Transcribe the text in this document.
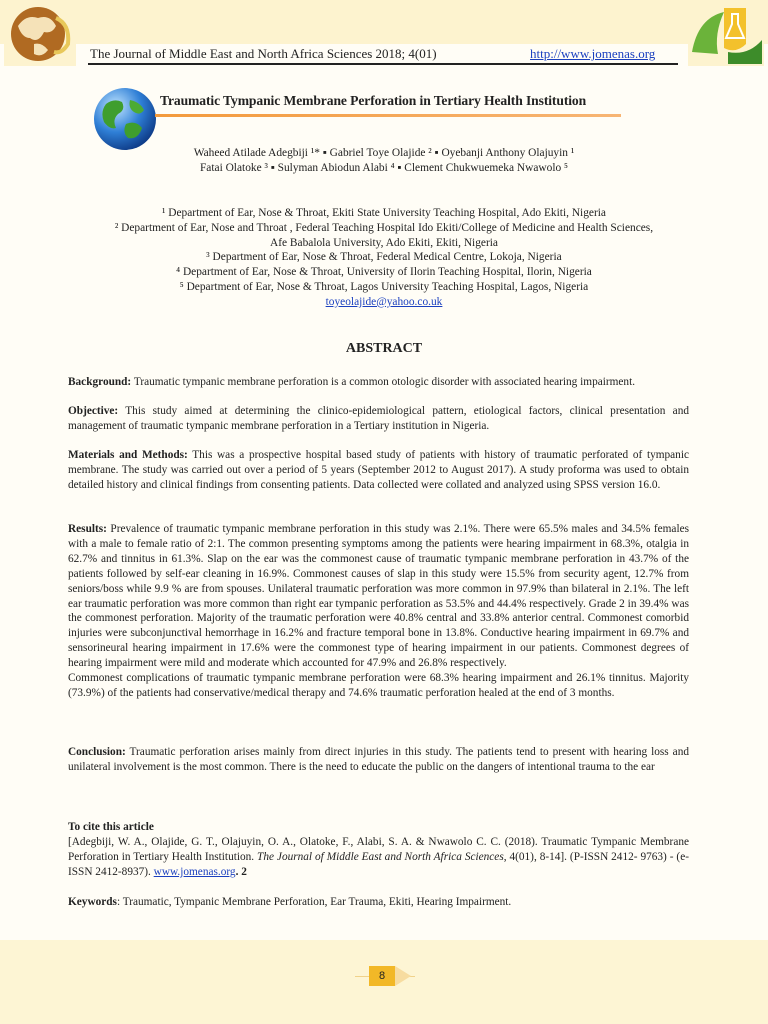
The Journal of Middle East and North Africa Sciences 2018; 4(01)	http://www.jomenas.org
Traumatic Tympanic Membrane Perforation in Tertiary Health Institution
Waheed Atilade Adegbiji ¹* ▪ Gabriel Toye Olajide ² ▪ Oyebanji Anthony Olajuyin ¹
Fatai Olatoke ³ ▪ Sulyman Abiodun Alabi ⁴ ▪ Clement Chukwuemeka Nwawolo ⁵
¹ Department of Ear, Nose & Throat, Ekiti State University Teaching Hospital, Ado Ekiti, Nigeria
² Department of Ear, Nose and Throat , Federal Teaching Hospital Ido Ekiti/College of Medicine and Health Sciences,
Afe Babalola University, Ado Ekiti, Ekiti, Nigeria
³ Department of Ear, Nose & Throat, Federal Medical Centre, Lokoja, Nigeria
⁴ Department of Ear, Nose & Throat, University of Ilorin Teaching Hospital, Ilorin, Nigeria
⁵ Department of Ear, Nose & Throat, Lagos University Teaching Hospital, Lagos, Nigeria
toyeolajide@yahoo.co.uk
ABSTRACT
Background: Traumatic tympanic membrane perforation is a common otologic disorder with associated hearing impairment.
Objective: This study aimed at determining the clinico-epidemiological pattern, etiological factors, clinical presentation and management of traumatic tympanic membrane perforation in a Tertiary institution in Nigeria.
Materials and Methods: This was a prospective hospital based study of patients with history of traumatic perforated of tympanic membrane. The study was carried out over a period of 5 years (September 2012 to August 2017). A study proforma was used to obtain detailed history and clinical findings from consenting patients. Data collected were collated and analyzed using SPSS version 16.0.
Results: Prevalence of traumatic tympanic membrane perforation in this study was 2.1%. There were 65.5% males and 34.5% females with a male to female ratio of 2:1. The common presenting symptoms among the patients were hearing impairment in 68.3%, otalgia in 62.7% and tinnitus in 61.3%. Slap on the ear was the commonest cause of traumatic tympanic membrane perforation in 43.7% of the patients followed by self-ear cleaning in 16.9%. Commonest causes of slap in this study were 15.5% from security agent, 12.7% from seniors/boss while 9.9 % are from spouses. Unilateral traumatic perforation was more common in 97.9% than bilateral in 2.1%. The left ear traumatic perforation was more common than right ear tympanic perforation as 53.5% and 44.4% respectively. Grade 2 in 39.4% was the commonest perforation. Majority of the traumatic perforation were 40.8% central and 33.8% anterior central. Commonest comorbid injuries were subconjunctival hemorrhage in 16.2% and fracture temporal bone in 13.8%. Conductive hearing impairment in 69.7% and sensorineural hearing impairment in 17.6% were the commonest type of hearing impairment in our patients. Commonest degrees of hearing impairment were mild and moderate which accounted for 47.9% and 26.8% respectively.
Commonest complications of traumatic tympanic membrane perforation were 68.3% hearing impairment and 26.1% tinnitus. Majority (73.9%) of the patients had conservative/medical therapy and 74.6% traumatic perforation healed at the end of 3 months.
Conclusion: Traumatic perforation arises mainly from direct injuries in this study. The patients tend to present with hearing loss and unilateral involvement is the most common. There is the need to educate the public on the dangers of intentional trauma to the ear
To cite this article
[Adegbiji, W. A., Olajide, G. T., Olajuyin, O. A., Olatoke, F., Alabi, S. A. & Nwawolo C. C. (2018). Traumatic Tympanic Membrane Perforation in Tertiary Health Institution. The Journal of Middle East and North Africa Sciences, 4(01), 8-14]. (P-ISSN 2412- 9763) - (e-ISSN 2412-8937). www.jomenas.org. 2
Keywords: Traumatic, Tympanic Membrane Perforation, Ear Trauma, Ekiti, Hearing Impairment.
8
